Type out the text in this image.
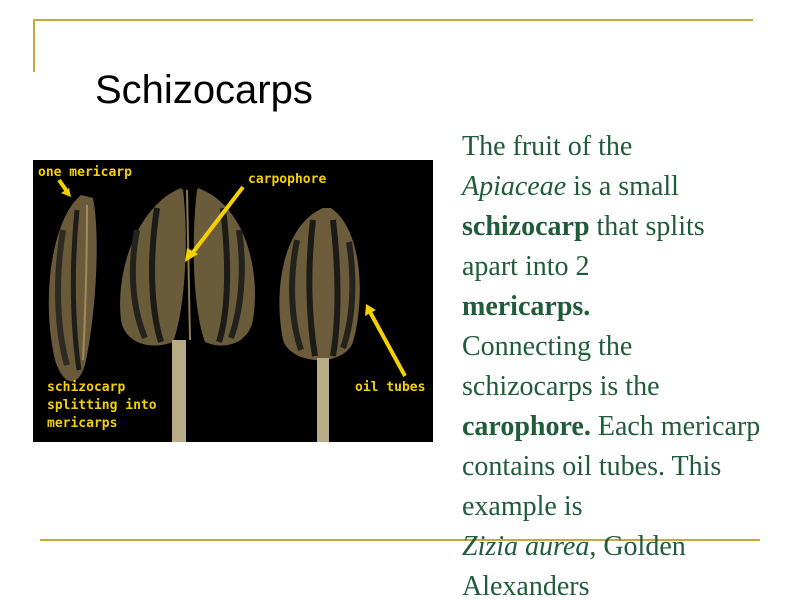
Schizocarps
one mericarp	carpophore
oil tubes
schizocarp
splitting into
mericarps
The fruit of the
Apiaceae is a small
schizocarp that splits apart into 2
mericarps.
Connecting the schizocarps is the
carophore. Each mericarp contains oil tubes. This example is
Zizia aurea, Golden Alexanders
